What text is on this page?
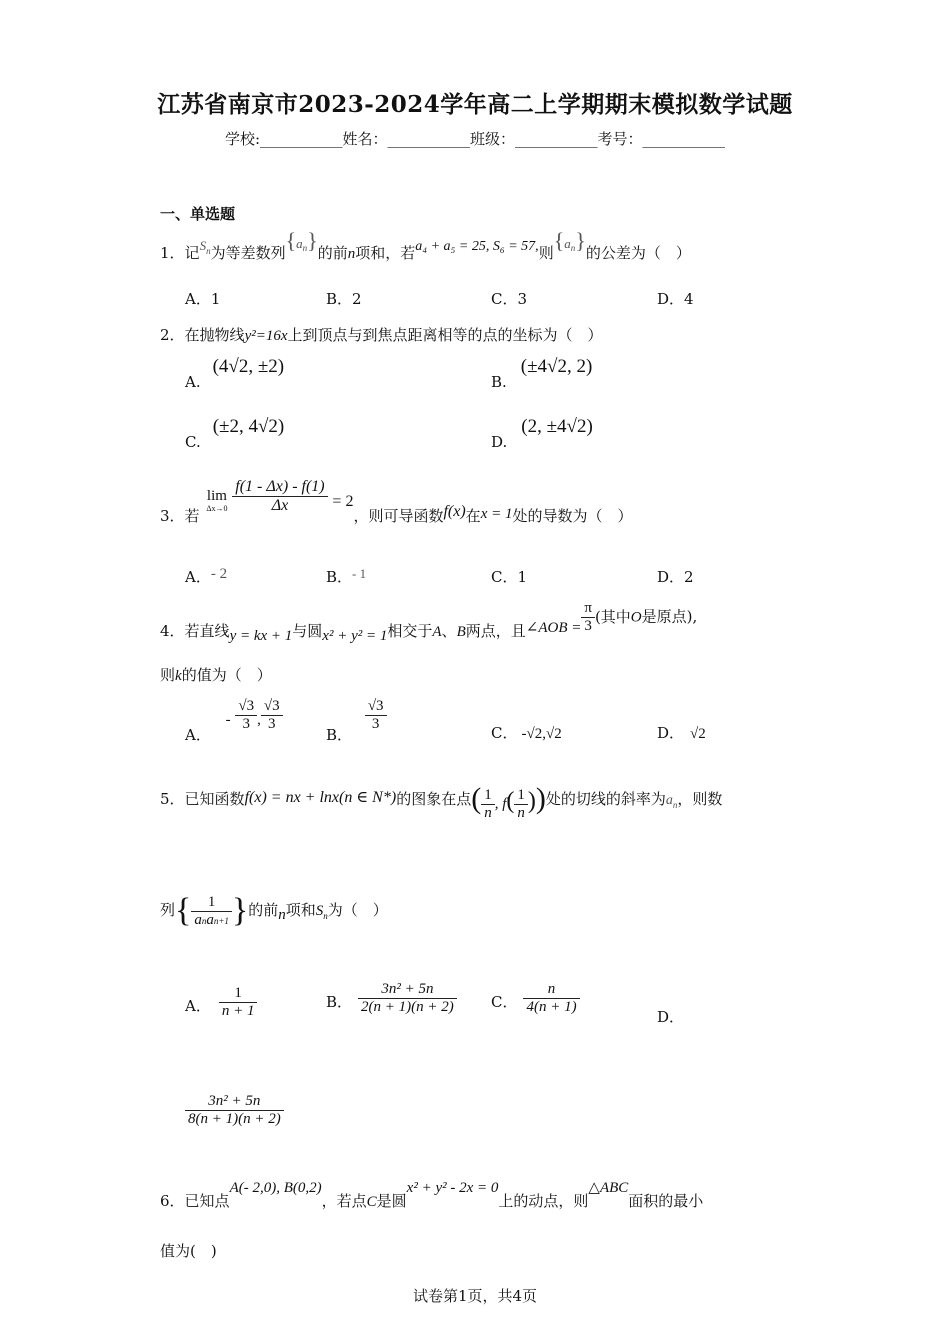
江苏省南京市2023-2024学年高二上学期期末模拟数学试题
学校:___________姓名：___________班级：___________考号：___________
一、单选题
1．记$S^n$为等差数列$\{a^n\}$的前n项和，若a₄ + a₅ = 25, S₆ = 57,则$\{a^n\}$的公差为（　）
A．1	B．2	C．3	D．4
2．在抛物线y²=16x上到顶点与到焦点距离相等的点的坐标为（　）
A.(4√2, ±2)
B.(±4√2, 2)
C.(±2, 4√2)
D.(2, ±4√2)
3．若
lim
Δx→0
$\frac{f(1 - \Delta x) - f(1)}{\Delta x} = 2$，则可导函数f(x)在x = 1处的导数为（　）
A．- 2	B．- 1	C．1	D．2
4．若直线y = kx + 1与圆x² + y² = 1相交于A、B两点，且∠AOB = $\frac{\pi}{3}$ (其中O是原点),
则k的值为（　）
A． - $\frac{√3}{3}$ , $\frac{√3}{3}$
B．
$\frac{√3}{3}$	C． -√2,√2	D． √2
5．已知函数f(x) = nx + lnx(n ∈ N*)的图象在点( $\frac{1}{n}$ , $f( \frac{1}{n}$ ))处的切线的斜率为an，则数
列{ $\frac{1}{\text{anan+1}}$ }的前n项和$S_n$为（　）
A． $\frac{1}{n + 1}$	B． $\frac{\text{3n² + 5n}}{2(n + 1)(n + 2)}$ C． $\frac{n}{4(n + 1)}$
D．
$\frac{\text{3n² + 5n}}{8(n + 1)(n + 2)}$
6．已知点A(- 2,0), B(0,2)，若点C是圆x² + y² - 2x = 0上的动点，则△ABC面积的最小
值为(　)
试卷第1页，共4页
